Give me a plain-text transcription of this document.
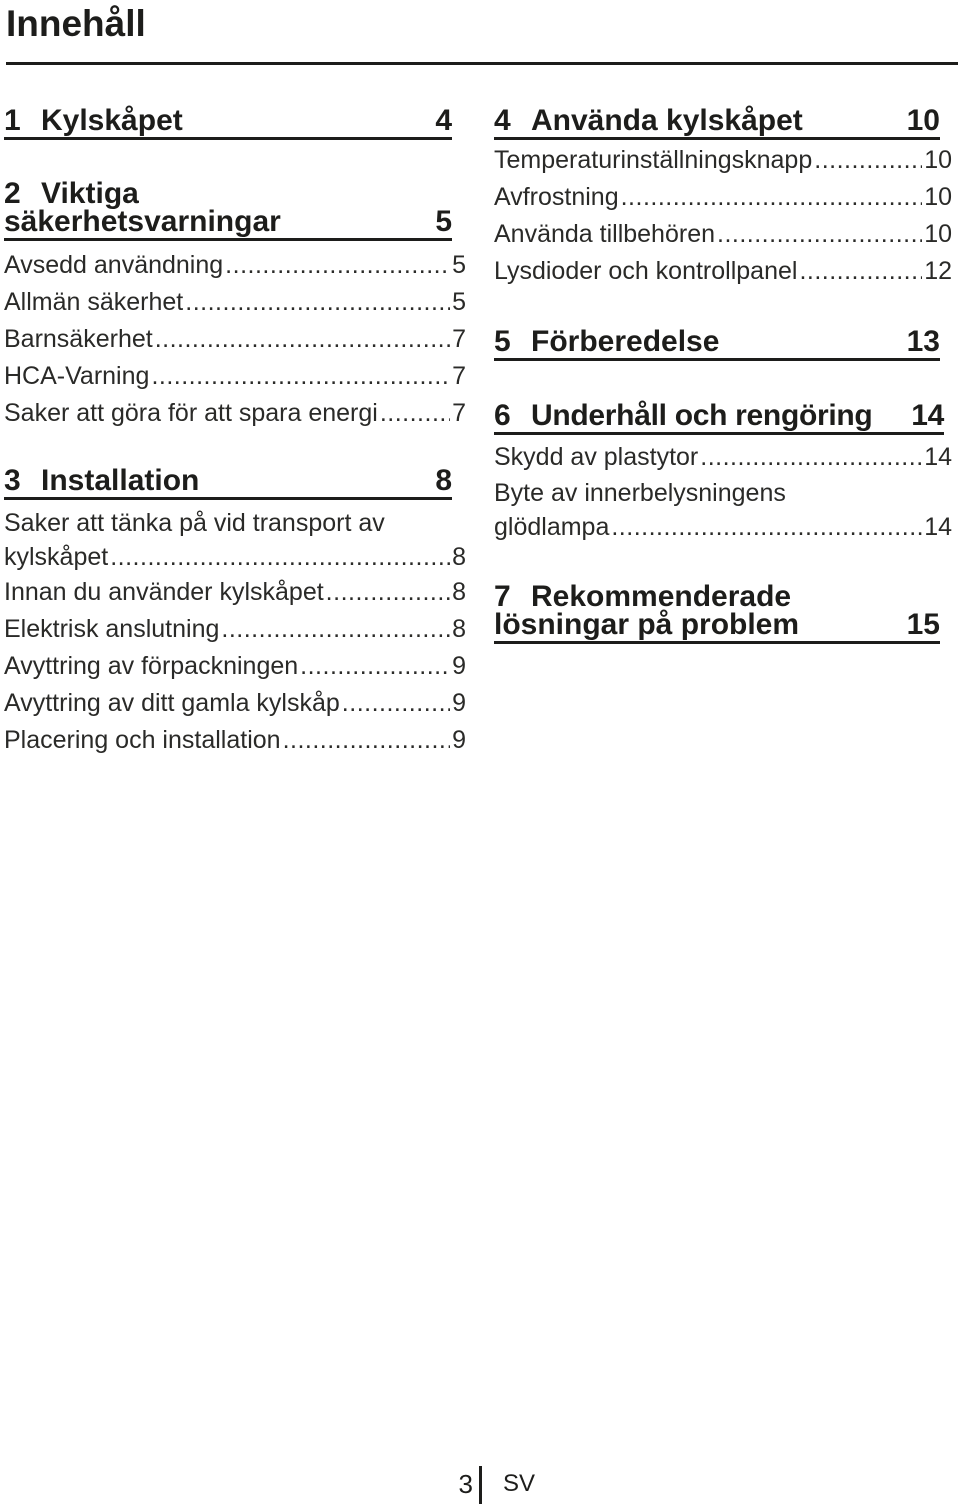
Innehåll
1 Kylskåpet	4
2 Viktiga
säkerhetsvarningar	5
Avsedd användning .....	5
Allmän säkerhet .....	5
Barnsäkerhet .....	7
HCA-Varning .....	7
Saker att göra för att spara energi .....	7
3 Installation	8
Saker att tänka på vid transport av
kylskåpet .....	8
Innan du använder kylskåpet .....	8
Elektrisk anslutning .....	8
Avyttring av förpackningen .....	9
Avyttring av ditt gamla kylskåp .....	9
Placering och installation .....	9
4 Använda kylskåpet	10
Temperaturinställningsknapp .....	10
Avfrostning .....	10
Använda tillbehören .....	10
Lysdioder och kontrollpanel .....	12
5 Förberedelse	13
6 Underhåll och rengöring 14
Skydd av plastytor .....	14
Byte av innerbelysningens
glödlampa .....	14
7 Rekommenderade
lösningar på problem	15
3 SV
